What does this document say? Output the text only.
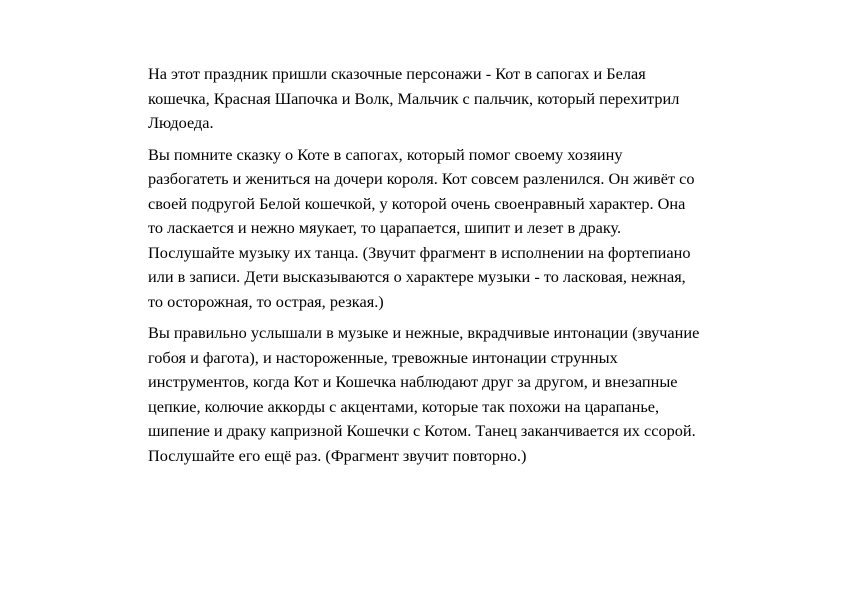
На этот праздник пришли сказочные персонажи - Кот в сапогах и Белая
кошечка, Красная Шапочка и Волк, Мальчик с пальчик, который перехитрил
Людоеда.
Вы помните сказку о Коте в сапогах, который помог своему хозяину
разбогатеть и жениться на дочери короля. Кот совсем разленился. Он живёт со
своей подругой Белой кошечкой, у которой очень своенравный характер. Она
то ласкается и нежно мяукает, то царапается, шипит и лезет в драку.
Послушайте музыку их танца. (Звучит фрагмент в исполнении на фортепиано
или в записи. Дети высказываются о характере музыки - то ласковая, нежная,
то осторожная, то острая, резкая.)
Вы правильно услышали в музыке и нежные, вкрадчивые интонации (звучание
гобоя и фагота), и настороженные, тревожные интонации струнных
инструментов, когда Кот и Кошечка наблюдают друг за другом, и внезапные
цепкие, колючие аккорды с акцентами, которые так похожи на царапанье,
шипение и драку капризной Кошечки с Котом. Танец заканчивается их ссорой.
Послушайте его ещё раз. (Фрагмент звучит повторно.)
